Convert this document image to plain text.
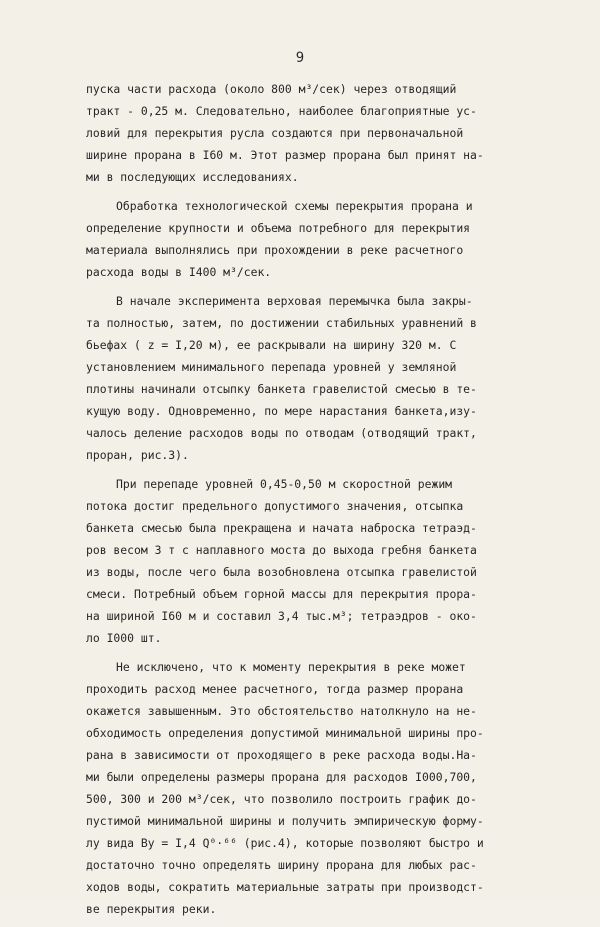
9
пуска части расхода (около 800 м³/сек) через отводящий
тракт - 0,25 м. Следовательно, наиболее благоприятные ус-
ловий для перекрытия русла создаются при первоначальной
ширине прорана в I60 м. Этот размер прорана был принят на-
ми в последующих исследованиях.
Обработка технологической схемы перекрытия прорана и
определение крупности и объема потребного для перекрытия
материала выполнялись при прохождении в реке расчетного
расхода воды в I400 м³/сек.
В начале эксперимента верховая перемычка была закры-
та полностью, затем, по достижении стабильных уравнений в
бьефах ( z = I,20 м), ее раскрывали на ширину 320 м. С
установлением минимального перепада уровней у земляной
плотины начинали отсыпку банкета гравелистой смесью в те-
кущую воду. Одновременно, по мере нарастания банкета,изу-
чалось деление расходов воды по отводам (отводящий тракт,
проран, рис.3).
При перепаде уровней 0,45-0,50 м скоростной режим
потока достиг предельного допустимого значения, отсыпка
банкета смесью была прекращена и начата наброска тетраэд-
ров весом 3 т с наплавного моста до выхода гребня банкета
из воды, после чего была возобновлена отсыпка гравелистой
смеси. Потребный объем горной массы для перекрытия прора-
на шириной I60 м и составил 3,4 тыс.м³; тетраэдров - око-
ло I000 шт.
Не исключено, что к моменту перекрытия в реке может
проходить расход менее расчетного, тогда размер прорана
окажется завышенным. Это обстоятельство натолкнуло на не-
обходимость определения допустимой минимальной ширины про-
рана в зависимости от проходящего в реке расхода воды.На-
ми были определены размеры прорана для расходов I000,700,
500, 300 и 200 м³/сек, что позволило построить график до-
пустимой минимальной ширины и получить эмпирическую форму-
лу вида By = I,4 Q⁰·⁶⁶ (рис.4), которые позволяют быстро и
достаточно точно определять ширину прорана для любых рас-
ходов воды, сократить материальные затраты при производст-
ве перекрытия реки.
